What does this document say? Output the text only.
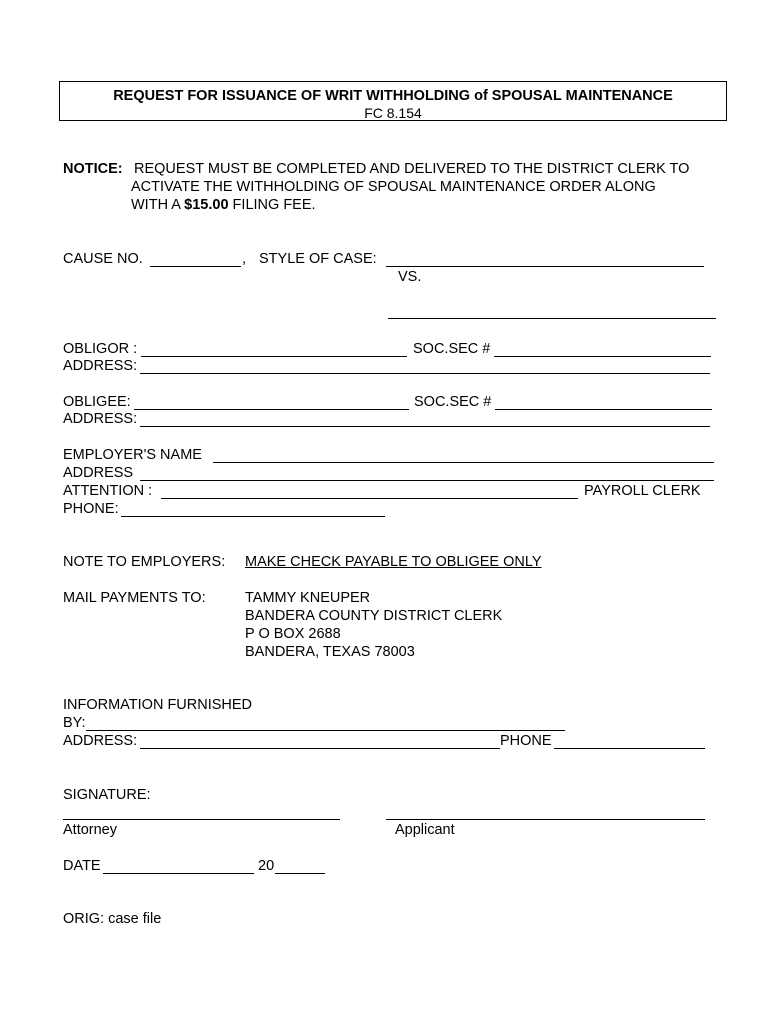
REQUEST FOR ISSUANCE OF WRIT WITHHOLDING of SPOUSAL MAINTENANCE
FC 8.154
NOTICE: REQUEST MUST BE COMPLETED AND DELIVERED TO THE DISTRICT CLERK TO
ACTIVATE THE WITHHOLDING OF SPOUSAL MAINTENANCE ORDER ALONG
WITH A $15.00 FILING FEE.
CAUSE NO.	, STYLE OF CASE:
VS.
OBLIGOR :	SOC.SEC #
ADDRESS:
OBLIGEE:	SOC.SEC #
ADDRESS:
EMPLOYER'S NAME
ADDRESS
ATTENTION :	PAYROLL CLERK
PHONE:
NOTE TO EMPLOYERS: MAKE CHECK PAYABLE TO OBLIGEE ONLY
MAIL PAYMENTS TO:	TAMMY KNEUPER
BANDERA COUNTY DISTRICT CLERK
P O BOX 2688
BANDERA, TEXAS 78003
INFORMATION FURNISHED
BY:
ADDRESS:	PHONE
SIGNATURE:
Attorney	Applicant
DATE	20
ORIG: case file
